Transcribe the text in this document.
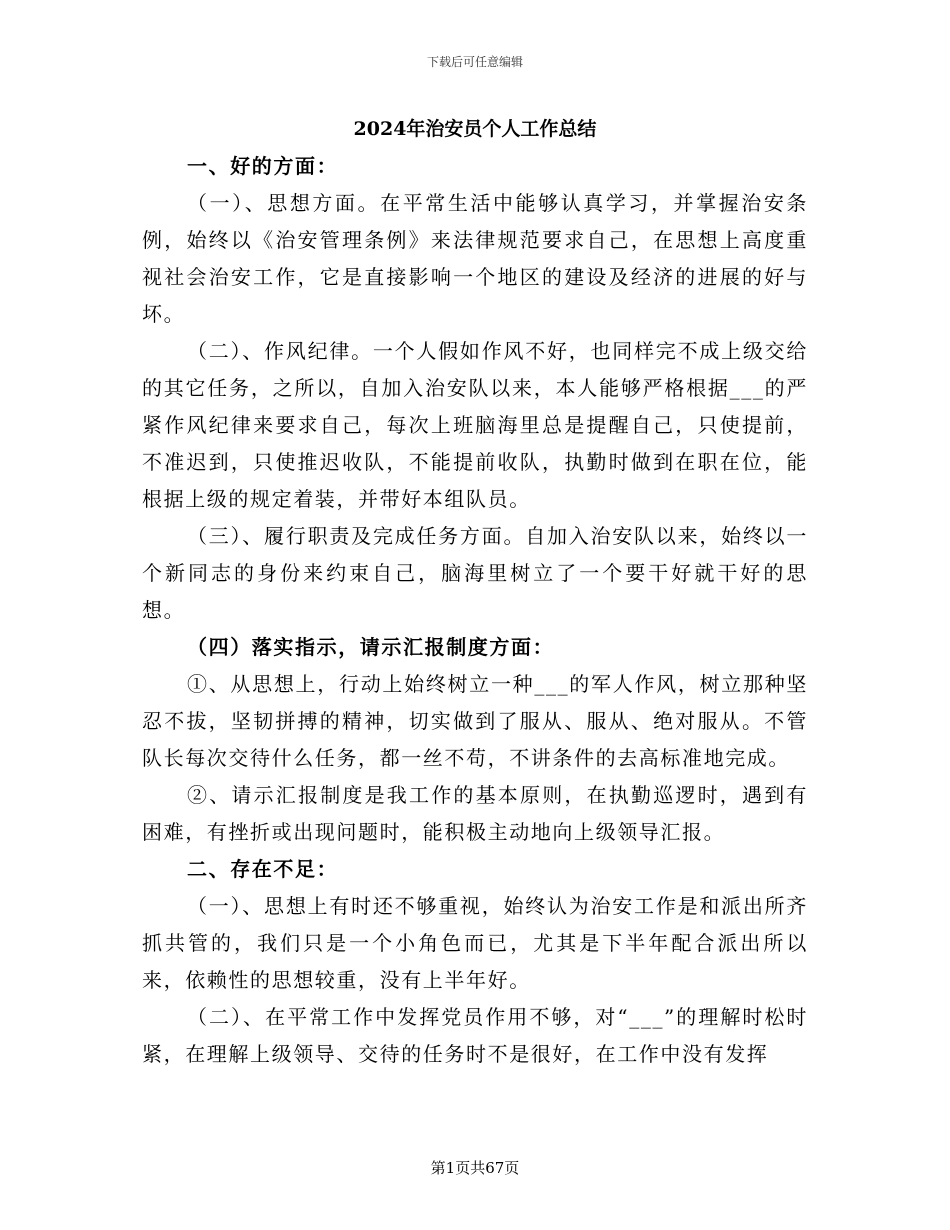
下载后可任意编辑
2024年治安员个人工作总结

一、好的方面：

（一）、思想方面。在平常生活中能够认真学习，并掌握治安条例，始终以《治安管理条例》来法律规范要求自己，在思想上高度重视社会治安工作，它是直接影响一个地区的建设及经济的进展的好与坏。

（二）、作风纪律。一个人假如作风不好，也同样完不成上级交给的其它任务，之所以，自加入治安队以来，本人能够严格根据___的严紧作风纪律来要求自己，每次上班脑海里总是提醒自己，只使提前，不准迟到，只使推迟收队，不能提前收队，执勤时做到在职在位，能根据上级的规定着装，并带好本组队员。

（三）、履行职责及完成任务方面。自加入治安队以来，始终以一个新同志的身份来约束自己，脑海里树立了一个要干好就干好的思想。

（四）落实指示，请示汇报制度方面：

①、从思想上，行动上始终树立一种___的军人作风，树立那种坚忍不拔，坚韧拼搏的精神，切实做到了服从、服从、绝对服从。不管队长每次交待什么任务，都一丝不苟，不讲条件的去高标准地完成。

②、请示汇报制度是我工作的基本原则，在执勤巡逻时，遇到有困难，有挫折或出现问题时，能积极主动地向上级领导汇报。

二、存在不足：

（一）、思想上有时还不够重视，始终认为治安工作是和派出所齐抓共管的，我们只是一个小角色而已，尤其是下半年配合派出所以来，依赖性的思想较重，没有上半年好。

（二）、在平常工作中发挥党员作用不够，对“___”的理解时松时紧，在理解上级领导、交待的任务时不是很好，在工作中没有发挥

第1页共67页
